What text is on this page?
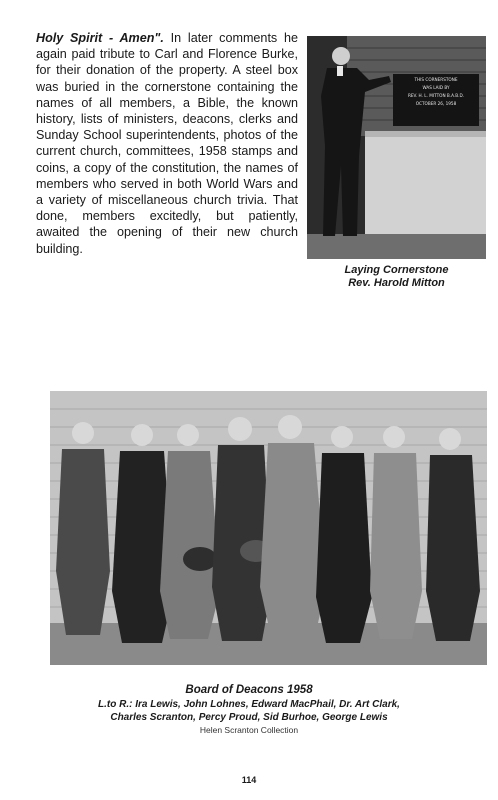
Holy Spirit - Amen". In later comments he again paid tribute to Carl and Florence Burke, for their donation of the property. A steel box was buried in the cornerstone containing the names of all members, a Bible, the known history, lists of ministers, deacons, clerks and Sunday School superintendents, photos of the current church, committees, 1958 stamps and coins, a copy of the constitution, the names of members who served in both World Wars and a variety of miscellaneous church trivia. That done, members excitedly, but patiently, awaited the opening of their new church building.

THIS CORNERSTONE
WAS LAID BY
REV. H. L. MITTON B.A.B.D.
OCTOBER 26, 1958
Laying Cornerstone
Rev. Harold Mitton
Board of Deacons 1958
L.to R.: Ira Lewis, John Lohnes, Edward MacPhail, Dr. Art Clark,
Charles Scranton, Percy Proud, Sid Burhoe, George Lewis
Helen Scranton Collection
114
